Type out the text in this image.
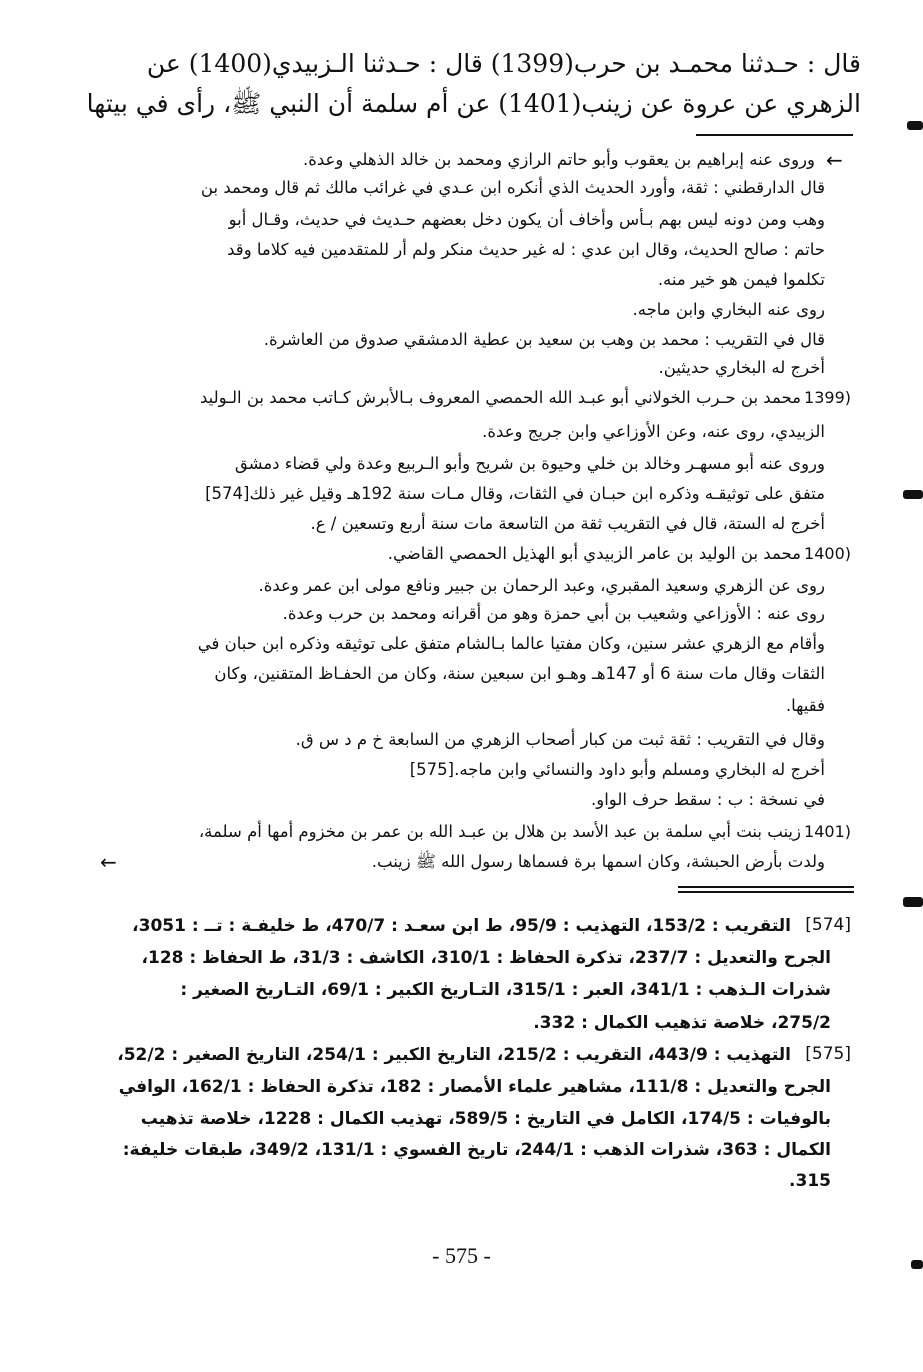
قال : حـدثنا محمـد بن حرب(1399) قال : حـدثنا الـزبيدي(1400) عن
الزهري عن عروة عن زينب(1401) عن أم سلمة أن النبي ﷺ، رأى في بيتها
←
وروى عنه إبراهيم بن يعقوب وأبو حاتم الرازي ومحمد بن خالد الذهلي وعدة.
قال الدارقطني : ثقة، وأورد الحديث الذي أنكره ابن عـدي في غرائب مالك ثم قال ومحمد بن
وهب ومن دونه ليس بهم بـأس وأخاف أن يكون دخل بعضهم حـديث في حديث، وقـال أبو
حاتم : صالح الحديث، وقال ابن عدي : له غير حديث منكر ولم أر للمتقدمين فيه كلاما وقد
تكلموا فيمن هو خير منه.
روى عنه البخاري وابن ماجه.
قال في التقريب : محمد بن وهب بن سعيد بن عطية الدمشقي صدوق من العاشرة.
أخرج له البخاري حديثين.
1399)
محمد بن حـرب الخولاني أبو عبـد الله الحمصي المعروف بـالأبرش كـاتب محمد بن الـوليد
الزبيدي، روى عنه، وعن الأوزاعي وابن جريج وعدة.
وروى عنه أبو مسهـر وخالد بن خلي وحيوة بن شريح وأبو الـربيع وعدة ولي قضاء دمشق
متفق على توثيقـه وذكره ابن حبـان في الثقات، وقال مـات سنة 192هـ وقيل غير ذلك[574]
أخرج له الستة، قال في التقريب ثقة من التاسعة مات سنة أربع وتسعين / ع.
1400)
محمد بن الوليد بن عامر الزبيدي أبو الهذيل الحمصي القاضي.
روى عن الزهري وسعيد المقبري، وعبد الرحمان بن جبير ونافع مولى ابن عمر وعدة.
روى عنه : الأوزاعي وشعيب بن أبي حمزة وهو من أقرانه ومحمد بن حرب وعدة.
وأقام مع الزهري عشر سنين، وكان مفتيا عالما بـالشام متفق على توثيقه وذكره ابن حبان في
الثقات وقال مات سنة 6 أو 147هـ وهـو ابن سبعين سنة، وكان من الحفـاظ المتقنين، وكان
فقيها.
وقال في التقريب : ثقة ثبت من كبار أصحاب الزهري من السابعة خ م د س ق.
أخرج له البخاري ومسلم وأبو داود والنسائي وابن ماجه.[575]
في نسخة : ب : سقط حرف الواو.
1401)
زينب بنت أبي سلمة بن عبد الأسد بن هلال بن عبـد الله بن عمر بن مخزوم أمها أم سلمة،
ولدت بأرض الحبشة، وكان اسمها برة فسماها رسول الله ﷺ زينب.
←
[574]
التقريب : 153/2، التهذيب : 95/9، ط ابن سعـد : 470/7، ط خليفـة : تــ : 3051،
الجرح والتعديل : 237/7، تذكرة الحفاظ : 310/1، الكاشف : 31/3، ط الحفاظ : 128،
شذرات الـذهب : 341/1، العبر : 315/1، التـاريخ الكبير : 69/1، التـاريخ الصغير :
275/2، خلاصة تذهيب الكمال : 332.
[575]
التهذيب : 443/9، التقريب : 215/2، التاريخ الكبير : 254/1، التاريخ الصغير : 52/2،
الجرح والتعديل : 111/8، مشاهير علماء الأمصار : 182، تذكرة الحفاظ : 162/1، الوافي
بالوفيات : 174/5، الكامل في التاريخ : 589/5، تهذيب الكمال : 1228، خلاصة تذهيب
الكمال : 363، شذرات الذهب : 244/1، تاريخ الفسوي : 131/1، 349/2، طبقات خليفة:
315.
- 575 -
